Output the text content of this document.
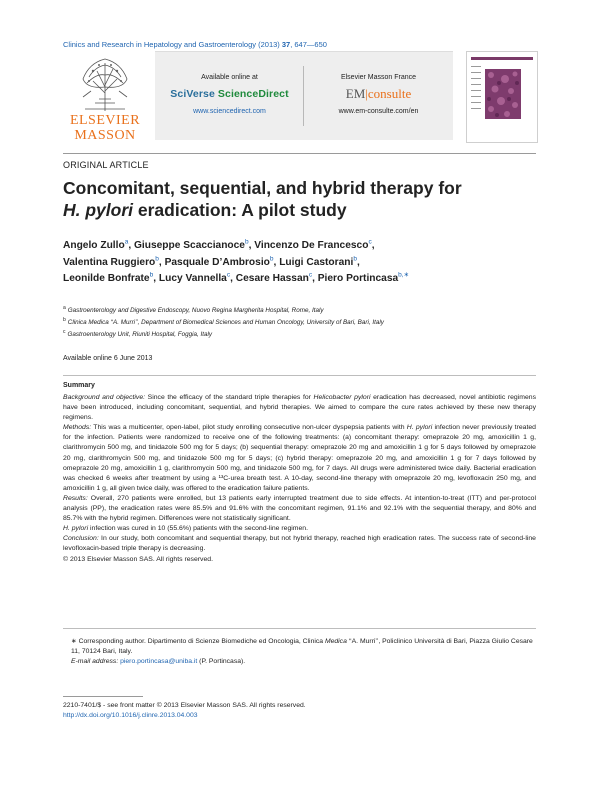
Clinics and Research in Hepatology and Gastroenterology (2013) 37, 647—650
ELSEVIER
MASSON
Available online at
SciVerse ScienceDirect
www.sciencedirect.com
Elsevier Masson France
EM|consulte
www.em-consulte.com/en
ORIGINAL ARTICLE
Concomitant, sequential, and hybrid therapy for
H. pylori eradication: A pilot study
Angelo Zullo$^a$, Giuseppe Scaccianoce$^b$, Vincenzo De Francesco$^c$,
Valentina Ruggiero$^b$, Pasquale D’Ambrosio$^b$, Luigi Castorani$^b$,
Leonilde Bonfrate$^b$, Lucy Vannella$^c$, Cesare Hassan$^c$, Piero Portincasa$^{b,∗}$
$^a$ Gastroenterology and Digestive Endoscopy, Nuovo Regina Margherita Hospital, Rome, Italy
$^b$ Clinica Medica ‘‘A. Murri’’, Department of Biomedical Sciences and Human Oncology, University of Bari, Bari, Italy
$^c$ Gastroenterology Unit, Riuniti Hospital, Foggia, Italy
Available online 6 June 2013
Summary

Background and objective: Since the efficacy of the standard triple therapies for Helicobacter pylori eradication has decreased, novel antibiotic regimens have been introduced, including concomitant, sequential, and hybrid therapies. We aimed to compare the cure rates achieved by these new therapy regimens.

Methods: This was a multicenter, open-label, pilot study enrolling consecutive non-ulcer dyspepsia patients with H. pylori infection never previously treated for the infection. Patients were randomized to receive one of the following treatments: (a) concomitant therapy: omeprazole 20 mg, amoxicillin 1 g, clarithromycin 500 mg, and tinidazole 500 mg for 5 days; (b) sequential therapy: omeprazole 20 mg and amoxicillin 1 g for 5 days followed by omeprazole 20 mg, clarithromycin 500 mg, and tinidazole 500 mg for 5 days; (c) hybrid therapy: omeprazole 20 mg, and amoxicillin 1 g for 7 days followed by omeprazole 20 mg, amoxicillin 1 g, clarithromycin 500 mg, and tinidazole 500 mg, for 7 days. All drugs were administered twice daily. Bacterial eradication was checked 6 weeks after treatment by using a ¹³C-urea breath test. A 10-day, second-line therapy with omeprazole 20 mg, levofloxacin 250 mg, and amoxicillin 1 g, all given twice daily, was offered to the eradication failure patients.

Results: Overall, 270 patients were enrolled, but 13 patients early interrupted treatment due to side effects. At intention-to-treat (ITT) and per-protocol analysis (PP), the eradication rates were 85.5% and 91.6% with the concomitant regimen, 91.1% and 92.1% with the sequential therapy, and 80% and 85.7% with the hybrid regimen. Differences were not statistically significant.
H. pylori infection was cured in 10 (55.6%) patients with the second-line regimen.

Conclusion: In our study, both concomitant and sequential therapy, but not hybrid therapy, reached high eradication rates. The success rate of second-line levofloxacin-based triple therapy is decreasing.

© 2013 Elsevier Masson SAS. All rights reserved.

∗ Corresponding author. Dipartimento di Scienze Biomediche ed Oncologia, Clinica Medica ‘‘A. Murri’’, Policlinico Università di Bari, Piazza Giulio Cesare 11, 70124 Bari, Italy.
E-mail address: piero.portincasa@uniba.it (P. Portincasa).
2210-7401/$ - see front matter © 2013 Elsevier Masson SAS. All rights reserved.
http://dx.doi.org/10.1016/j.clinre.2013.04.003
